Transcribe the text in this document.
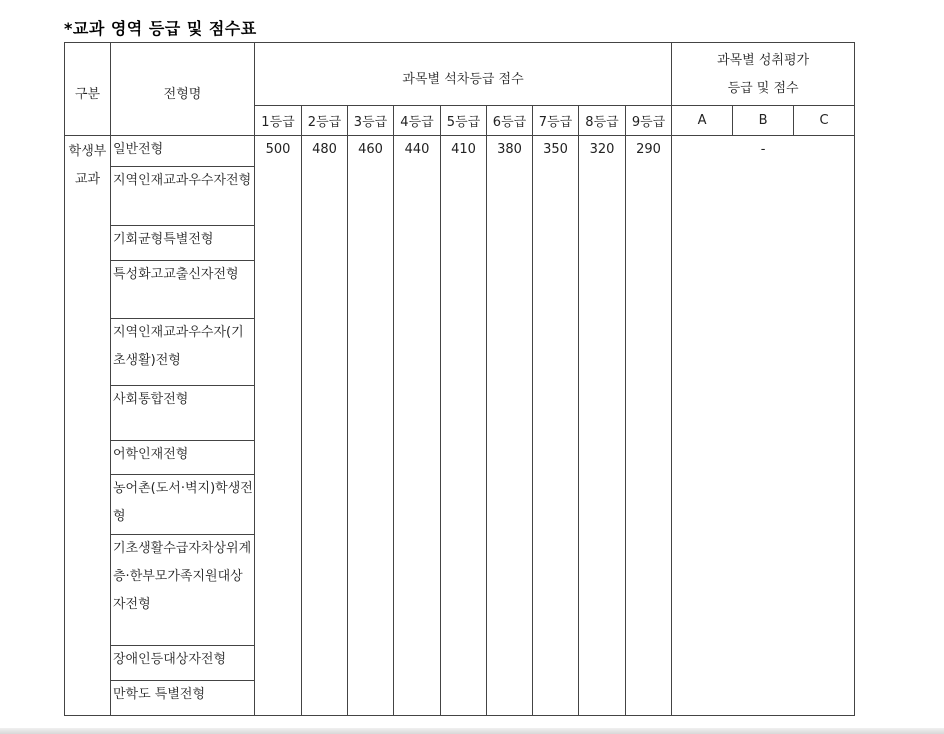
*교과 영역 등급 및 점수표
구분	전형명	과목별 석차등급 점수									과목별 성취평가
등급 및 점수		

		1등급	2등급	3등급	4등급	5등급	6등급	7등급	8등급	9등급	A	B	C

학생부
교과	일반전형	500	480	460	440	410	380	350	320	290	-		
	지역인재교과우수자전형												
	기회균형특별전형												
	특성화고교출신자전형												
	지역인재교과우수자(기초생활)전형												
	사회통합전형												
	어학인재전형												
	농어촌(도서·벽지)학생전형												
	기초생활수급자차상위계층·한부모가족지원대상자전형												
	장애인등대상자전형												
	만학도 특별전형												
